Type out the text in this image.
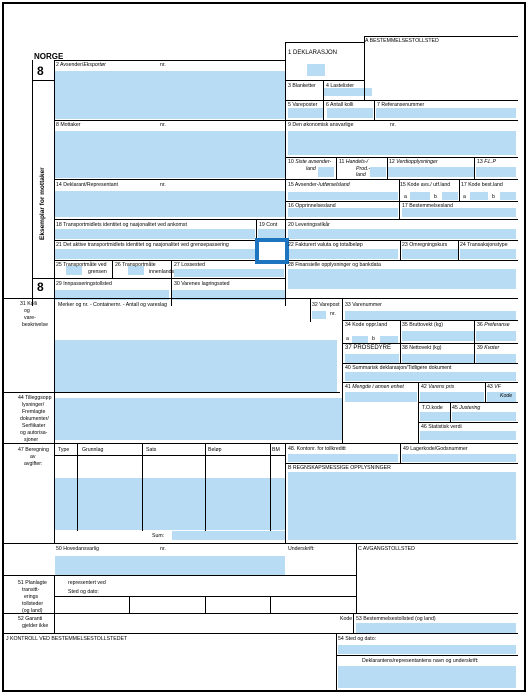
NORGE
8
8
Eksemplar for mottaker
A BESTEMMELSESTOLLSTED
1 DEKLARASJON
2 Avsender/Eksportør	nr.
3 Blanketter 4 Lastelister
5 Vareposter 6 Antall kolli	7 Referansenummer
8 Mottaker	nr.	9 Den økonomisk ansvarlige	nr.
10 Siste avsender-
land
11 Handels-/
Prod.-
land
12 Verdiopplysninger	13 F.L.P
14 Deklarant/Representant	nr.	15 Avsender-/utførselsland	15 Kode avs./ utf.land 17 Kode best.land
a	b	a	b
16 Opprinnelsesland	17 Bestemmelsesland
18 Transportmidlets identitet og nasjonalitet ved ankomst	19 Cont 20 Leveringsvilkår
21 Det aktive transportmidlets identitet og nasjonalitet ved grensepassering	22 Fakturert valuta og totalbeløp	23 Omregningskurs 24 Transaksjonstype
25 Transportmåte ved
grensen
26 Transportmåte
innenlands
27 Lossested	28 Finansielle opplysninger og bankdata
29 Innpasseringstollsted	30 Varenes lagringssted
31 Kolli
og
vare-
beskrivelse
Merker og nr. - Containernr. - Antall og vareslag	32 Varepost
nr.
33 Varenummer
34 Kode oppr.land
a	b
35 Bruttovekt (kg)	36 Preferanse
37 PROSEDYRE 38 Nettovekt (kg)	39 Kvoter
40 Summarisk deklarasjon/Tidligere dokument
41 Mengde i annen enhet	42 Varens pris	43 VF
Kode
T.O.kode 45 Justering
46 Statistisk verdi
44 Tilleggsopp
lysninger/
Fremlagte
dokumenter/
Serfiikater
og autorisa-
sjoner
47 Beregning
av
avgifter:
Type Grunnlag	Sats	Beløp	BM
Sum:
48. Kontonr. for tollkreditt	49 Lagerkode/Godsnummer
B REGNSKAPSMESSIGE OPPLYSNINGER
50 Hovedansvarlig	nr.	Underskrift:	C AVGANGSTOLLSTED
51 Planlagte
transitt-
erings
tollsteder
(og land)
representert ved
Sted og dato:
52 Garanti
gjelder ikke
Kode 53 Bestemmelsestollsted (og land)
J KONTROLL VED BESTEMMELSESTOLLSTEDET	54 Sted og dato:
Deklarantens/representantens navn og underskrift:
